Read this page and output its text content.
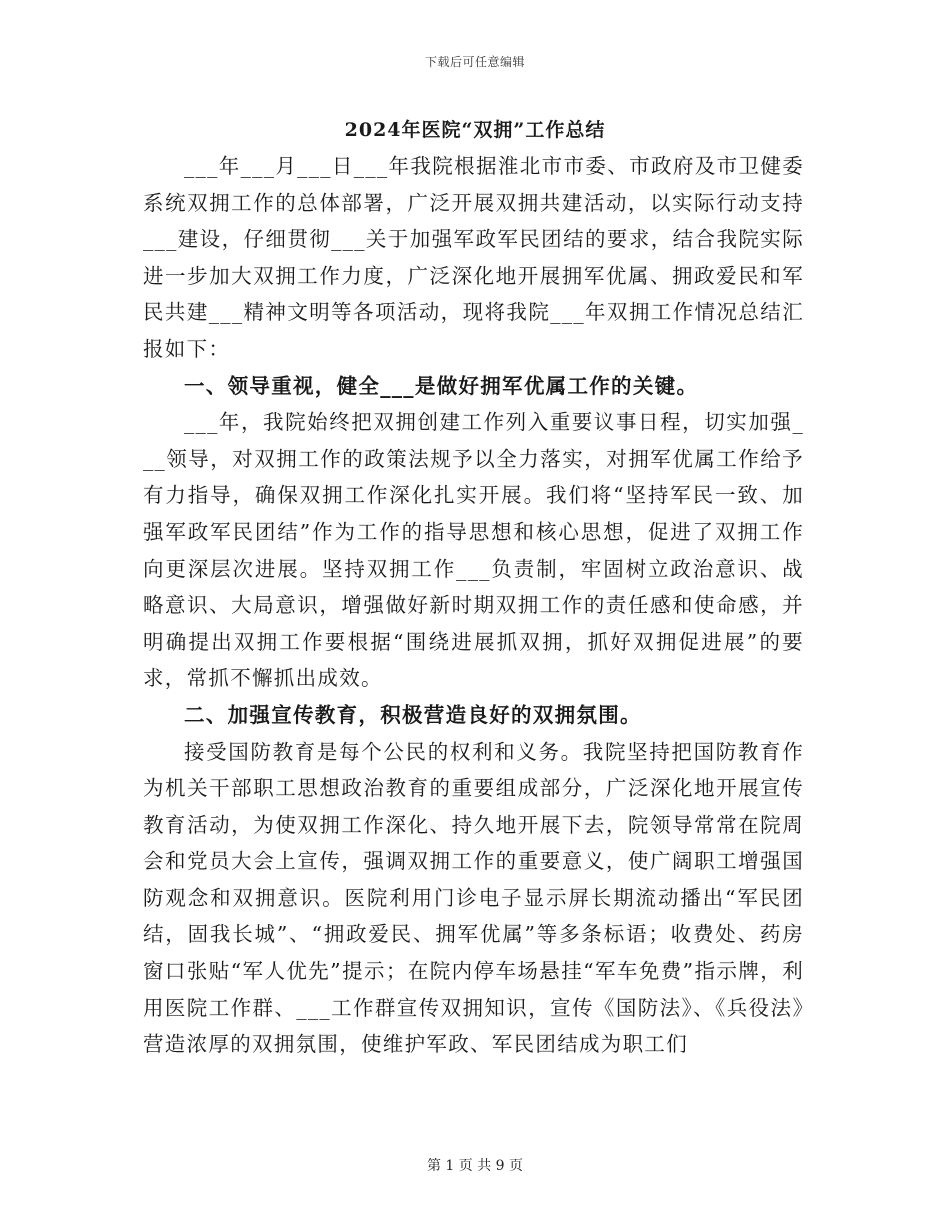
下载后可任意编辑
2024年医院“双拥”工作总结

___年___月___日___年我院根据淮北市市委、市政府及市卫健委系统双拥工作的总体部署，广泛开展双拥共建活动，以实际行动支持___建设，仔细贯彻___关于加强军政军民团结的要求，结合我院实际进一步加大双拥工作力度，广泛深化地开展拥军优属、拥政爱民和军民共建___精神文明等各项活动，现将我院___年双拥工作情况总结汇报如下：

一、领导重视，健全___是做好拥军优属工作的关键。

___年，我院始终把双拥创建工作列入重要议事日程，切实加强___领导，对双拥工作的政策法规予以全力落实，对拥军优属工作给予有力指导，确保双拥工作深化扎实开展。我们将“坚持军民一致、加强军政军民团结”作为工作的指导思想和核心思想，促进了双拥工作向更深层次进展。坚持双拥工作___负责制，牢固树立政治意识、战略意识、大局意识，增强做好新时期双拥工作的责任感和使命感，并明确提出双拥工作要根据“围绕进展抓双拥，抓好双拥促进展”的要求，常抓不懈抓出成效。

二、加强宣传教育，积极营造良好的双拥氛围。

接受国防教育是每个公民的权利和义务。我院坚持把国防教育作为机关干部职工思想政治教育的重要组成部分，广泛深化地开展宣传教育活动，为使双拥工作深化、持久地开展下去，院领导常常在院周会和党员大会上宣传，强调双拥工作的重要意义，使广阔职工增强国防观念和双拥意识。医院利用门诊电子显示屏长期流动播出“军民团结，固我长城”、“拥政爱民、拥军优属”等多条标语；收费处、药房窗口张贴“军人优先”提示；在院内停车场悬挂“军车免费”指示牌，利用医院工作群、___工作群宣传双拥知识，宣传《国防法》、《兵役法》营造浓厚的双拥氛围，使维护军政、军民团结成为职工们

第 1 页 共 9 页
